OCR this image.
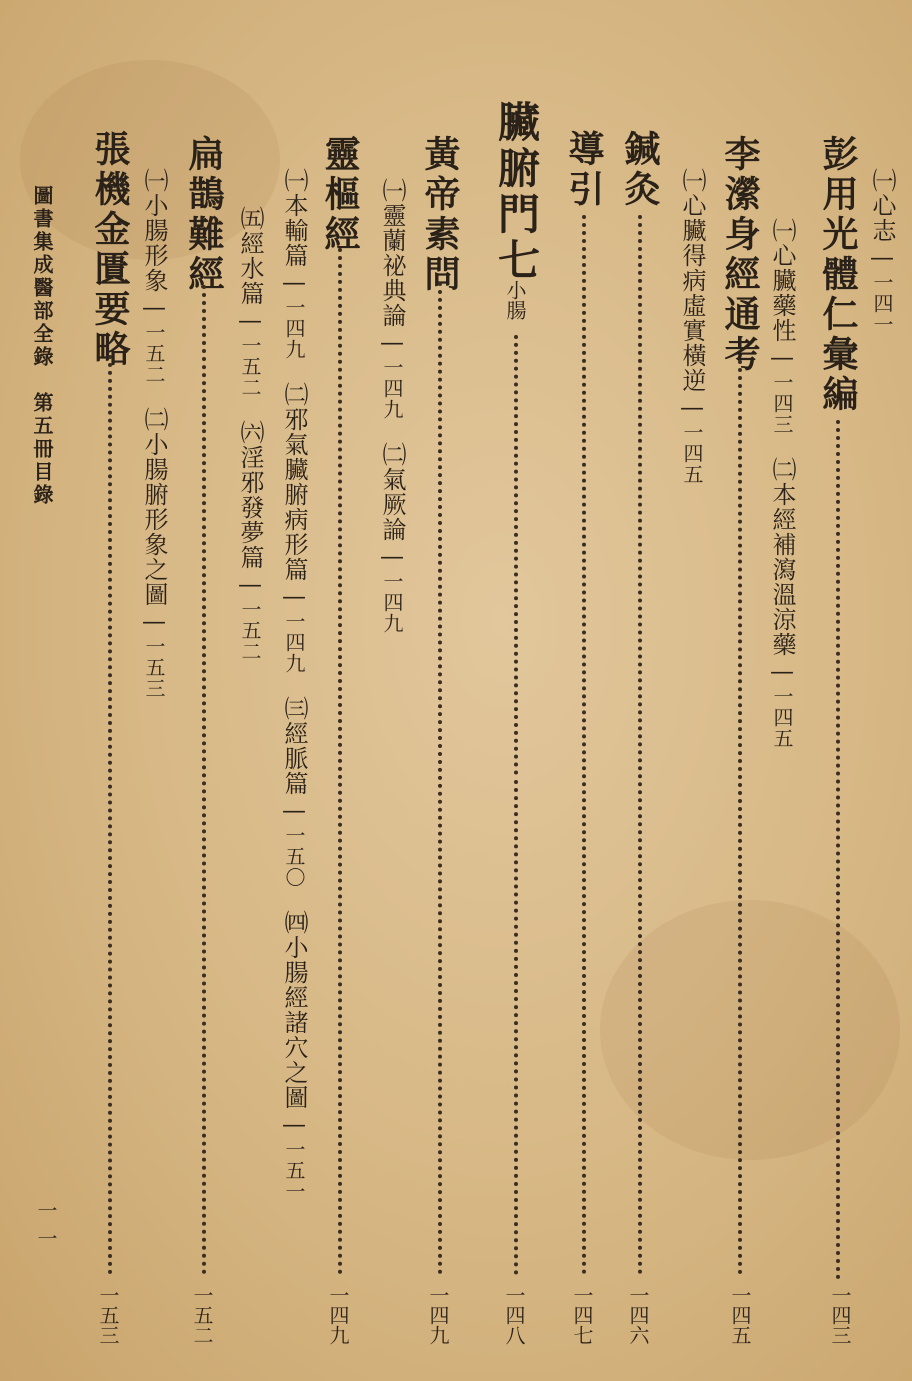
㈠心志—一四一
彭用光體仁彙編
一四三
㈠心臟藥性—一四三㈡本經補瀉溫涼藥—一四五
李瀠身經通考
一四五
㈠心臟得病虛實橫逆—一四五
鍼灸
一四六
導引
一四七
臟腑門七
小腸
一四八
黃帝素問
一四九
㈠靈蘭祕典論—一四九㈡氣厥論—一四九
靈樞經
一四九
㈠本輸篇—一四九㈡邪氣臟腑病形篇—一四九㈢經脈篇—一五〇㈣小腸經諸穴之圖—一五一
㈤經水篇—一五二㈥淫邪發夢篇—一五二
扁鵲難經
一五二
㈠小腸形象—一五二㈡小腸腑形象之圖—一五三
張機金匱要略
一五三
圖書集成醫部全錄　第五冊目錄
一一
